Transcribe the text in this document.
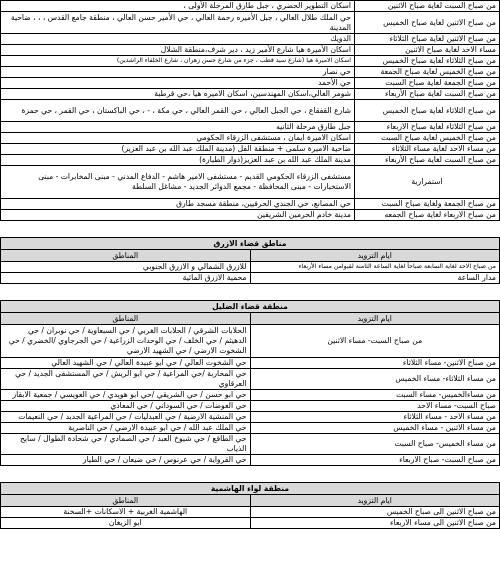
من صباح السبت لغاية صباح الاثنين	اسكان التطوير الحضري ، جبل طارق المرحلة الأولى ،
من صباح الاثنين لغاية صباح الخميس	حي الملك طلال العالي ، جبل الأميره رحمة العالي ، حي الأمير حسن العالي ، منطقة جامع القدس ، ، ، ضاحية المدينة
من صباح الاثنين لغاية صباح الثلاثاء	الدويك
مساء الاحد لغاية صباح الاثنين	اسكان الأميرة هيا شارع الأمير زيد ، دير شرف،منطقة الشلال
من صباح الثلاثاء لغاية صباح الخميس	اسكان الاميرة هيا (شارع سيد قطب ، جزء من شارع حسن زهران ، شارع الخلفاء الراشدين)
من صباح الخميس لغاية صباح الجمعة	حي نصار
من صباح الجمعة لغاية صباح السبت	حي الأحمد
من صباح السبت لغاية صباح الأربعاء	شومر العالي،اسكان المهندسين، اسكان الاميره هيا ،حي قرطبة
من صباح الثلاثاء لغاية صباح الخميس	شارع القفقاع ، حي الجبل العالي ، حي القمر العالي ، حي مكة ، - ، حي الباكستان ، حي القمر ، حي حمزة
من صباح الثلاثاء لغاية صباح الاربعاء	جبل طارق مرحلة الثانيه
من صباح الخميس لغاية صباح السبت	اسكان الاميرة ايمان ، مستشفى الزرقاء الحكومي
من مساء الاحد لغاية مساء الثلاثاء	ضاحية الاميرة سلمى + منطقة الفل (مدينة الملك عبد الله بن عبد العزيز)
من صباح السبت لغاية صباح الأربعاء	مدينة الملك عبد الله بن عبد العزيز(دوار الطيارة)
استمرارية	مستشفى الزرقاء الحكومي القديم - مستشفى الامير هاشم - الدفاع المدني - مبنى المخابرات - مبنى الاستخبارات - مبنى المحافظة - مجمع الدوائر الجديد - مشاغل السلطة
من صباح الجمعة ولغاية صباح السبت	حي المصانع، حي الجندي الحرفيين، منطقة مسجد طارق
من صباح الاربعاء لغاية صباح الجمعه	مدينة خادم الحرمين الشريفين
مناطق قضاء الازرق	
ايام التزويد	المناطق
من صباح الاحد لغاية السابعة صباحاً لغاية الساعة الثامنة لقيوامن مساء الأربعاء	للازرق الشمالي و الازرق الجنوبي
مدار الساعة	محمية الازرق المائية
منطقة قضاء الضليل	
ايام التزويد	المناطق
من صباح السبت- مساء الاثنين	الحلابات الشرقي / الحلابات الغربي / حي السبعاوية / حي نوبران / حي الدهيثم / حي الخلف / حي الوحدات الزراعية / حي الجرجاوي /الخضري / حي الشخوت الارضي / حي الشهيد الارضي
من صباح الاثنين- مساء الثلاثاء	حي الشخوت العالي / حي ابو عبيدة العالي / حي الشهيد العالي
من مساء الثلاثاء- مساء الخميس	حي المحاربة /حي المراعية / حي ابو الريش / حي المستشفى الجديد / حي العرقاوي
من مساءالخميس- مساء السبت	حي ابو حسن / حي الشريقي /حي ابو هويدي / حي العويسي / جمعية الابقار
صباح السبت- مساء الاحد	حي العوضات / حي السوداني / حي المعادي
من مساء الاحد - مساء الثلاثاء	حي المنشية الارضية / حي العبدليات / حي المراعية الجديد / حي النعيمات
من مساء الاثنين - مساء الخميس	حي الملك عبد الله / حي ابو عبيدة الارضي / حي الناصرية
من مساء الخميس- صباح السبت	حي الطاقع / حي شيوخ العبد / حي الصمادي / حي شحادة الطوال / سايح الذياب
من صباح السبت- صباح الاربعاء	حي القرواية / حي عرنوس / حي ضيعان / حي الطيار
منطقة لواء الهاشمية	
ايام التزويد	المناطق
من صباح الاثنين الى صباح الخميس	الهاشمية الغربية + الاسكانات +السخنة
من صباح الاثنين الى مساء الاربعاء	ابو الزيغان
